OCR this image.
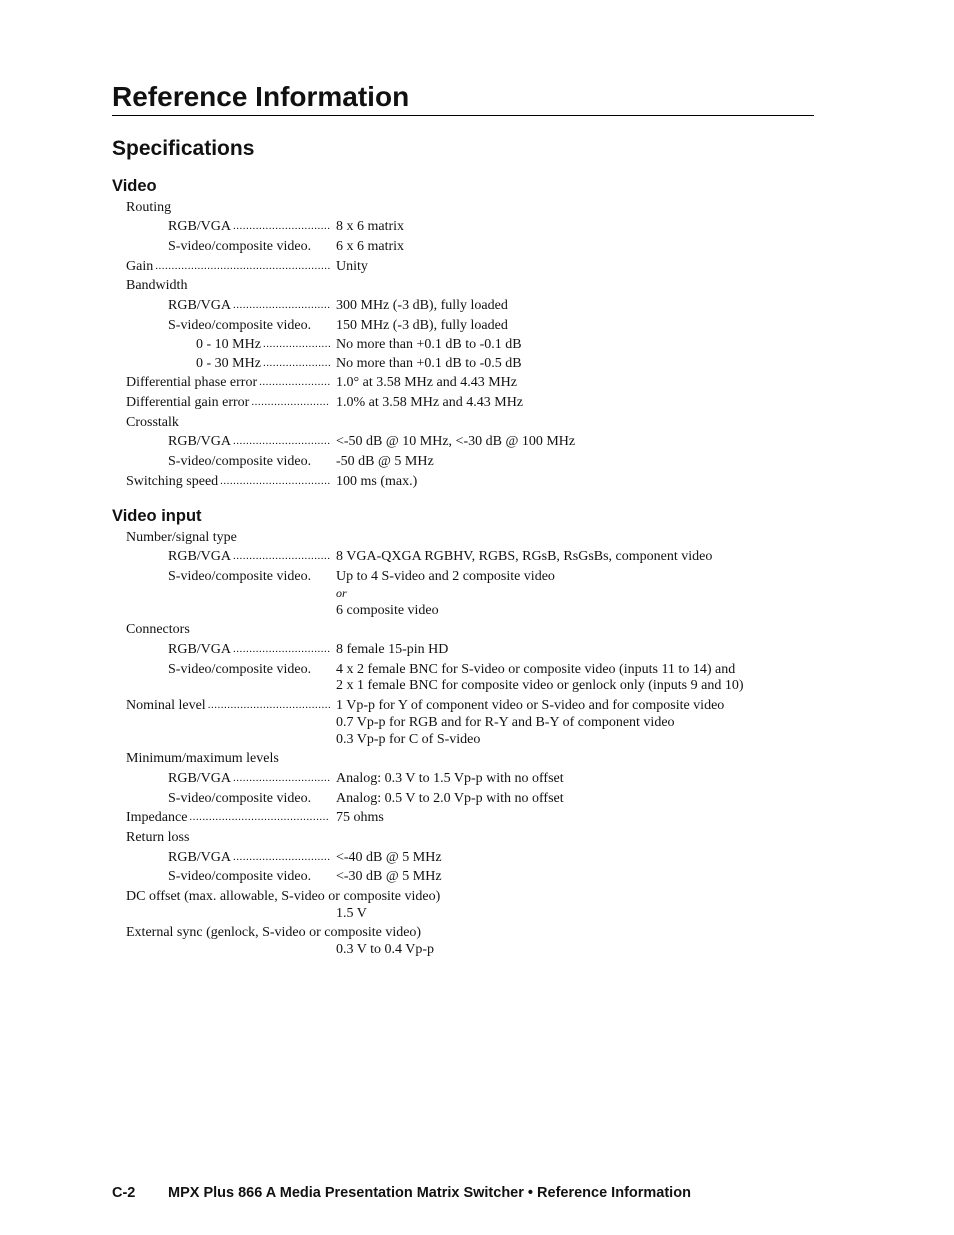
Reference Information
Specifications
Video
Routing
RGB/VGA .....	8 x 6 matrix
S-video/composite video. 6 x 6 matrix
Gain .....	Unity
Bandwidth
RGB/VGA .....	300 MHz (-3 dB), fully loaded
S-video/composite video. 150 MHz (-3 dB), fully loaded
0 - 10 MHz .....	No more than +0.1 dB to -0.1 dB
0 - 30 MHz .....	No more than +0.1 dB to -0.5 dB
Differential phase error .....	1.0° at 3.58 MHz and 4.43 MHz
Differential gain error .....	1.0% at 3.58 MHz and 4.43 MHz
Crosstalk
RGB/VGA .....	<-50 dB @ 10 MHz, <-30 dB @ 100 MHz
S-video/composite video. -50 dB @ 5 MHz
Switching speed .....	100 ms (max.)
Video input
Number/signal type
RGB/VGA .....	8 VGA-QXGA RGBHV, RGBS, RGsB, RsGsBs, component video
S-video/composite video. Up to 4 S-video and 2 composite video
or
6 composite video
Connectors
RGB/VGA .....	8 female 15-pin HD
S-video/composite video. 4 x 2 female BNC for S-video or composite video (inputs 11 to 14) and
2 x 1 female BNC for composite video or genlock only (inputs 9 and 10)
Nominal level .....	1 Vp-p for Y of component video or S-video and for composite video
0.7 Vp-p for RGB and for R-Y and B-Y of component video
0.3 Vp-p for C of S-video
Minimum/maximum levels
RGB/VGA .....	Analog: 0.3 V to 1.5 Vp-p with no offset
S-video/composite video. Analog: 0.5 V to 2.0 Vp-p with no offset
Impedance .....	75 ohms
Return loss
RGB/VGA .....	<-40 dB @ 5 MHz
S-video/composite video. <-30 dB @ 5 MHz
DC offset (max. allowable, S-video or composite video)
1.5 V
External sync (genlock, S-video or composite video)
0.3 V to 0.4 Vp-p
C-2 MPX Plus 866 A Media Presentation Matrix Switcher • Reference Information
